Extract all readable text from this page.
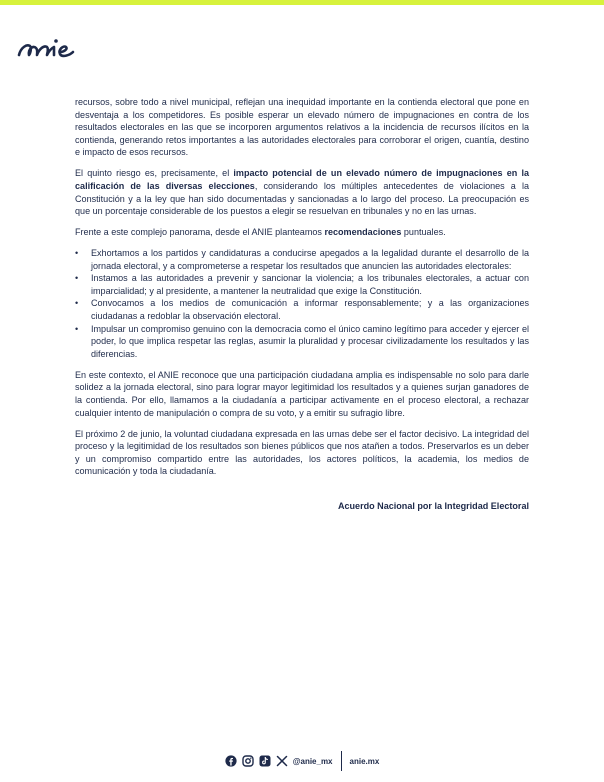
recursos, sobre todo a nivel municipal, reflejan una inequidad importante en la contienda electoral que pone en desventaja a los competidores. Es posible esperar un elevado número de impugnaciones en contra de los resultados electorales en las que se incorporen argumentos relativos a la incidencia de recursos ilícitos en la contienda, generando retos importantes a las autoridades electorales para corroborar el origen, cuantía, destino e impacto de esos recursos.

El quinto riesgo es, precisamente, el impacto potencial de un elevado número de impugnaciones en la calificación de las diversas elecciones, considerando los múltiples antecedentes de violaciones a la Constitución y a la ley que han sido documentadas y sancionadas a lo largo del proceso. La preocupación es que un porcentaje considerable de los puestos a elegir se resuelvan en tribunales y no en las urnas.

Frente a este complejo panorama, desde el ANIE planteamos recomendaciones puntuales.

•	Exhortamos a los partidos y candidaturas a conducirse apegados a la legalidad durante el desarrollo de la jornada electoral, y a comprometerse a respetar los resultados que anuncien las autoridades electorales:
•	Instamos a las autoridades a prevenir y sancionar la violencia; a los tribunales electorales, a actuar con imparcialidad; y al presidente, a mantener la neutralidad que exige la Constitución.
•	Convocamos a los medios de comunicación a informar responsablemente; y a las organizaciones ciudadanas a redoblar la observación electoral.
•	Impulsar un compromiso genuino con la democracia como el único camino legítimo para acceder y ejercer el poder, lo que implica respetar las reglas, asumir la pluralidad y procesar civilizadamente los resultados y las diferencias.

En este contexto, el ANIE reconoce que una participación ciudadana amplia es indispensable no solo para darle solidez a la jornada electoral, sino para lograr mayor legitimidad los resultados y a quienes surjan ganadores de la contienda. Por ello, llamamos a la ciudadanía a participar activamente en el proceso electoral, a rechazar cualquier intento de manipulación o compra de su voto, y a emitir su sufragio libre.

El próximo 2 de junio, la voluntad ciudadana expresada en las urnas debe ser el factor decisivo. La integridad del proceso y la legitimidad de los resultados son bienes públicos que nos atañen a todos. Preservarlos es un deber y un compromiso compartido entre las autoridades, los actores políticos, la academia, los medios de comunicación y toda la ciudadanía.

Acuerdo Nacional por la Integridad Electoral
@anie_mx anie.mx
